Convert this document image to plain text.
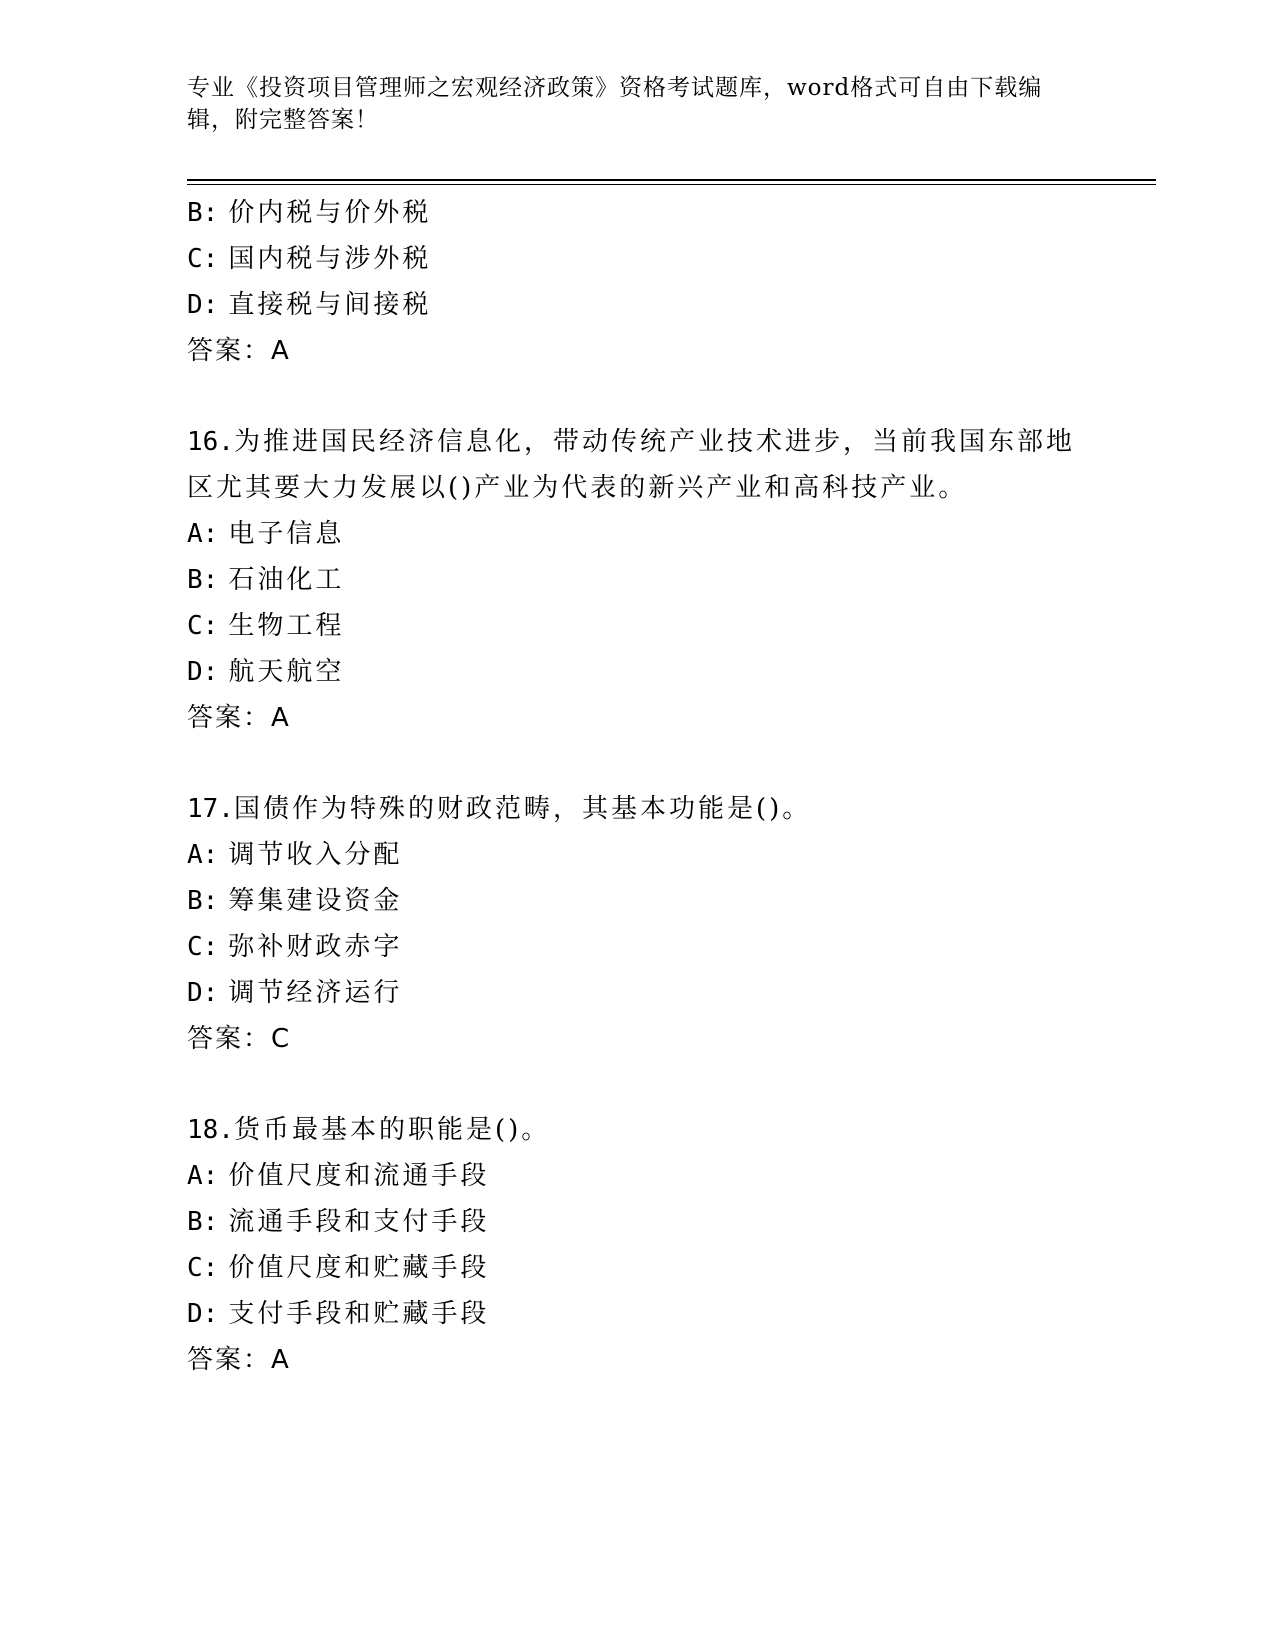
专业《投资项目管理师之宏观经济政策》资格考试题库，word格式可自由下载编
辑，附完整答案！
B: 价内税与价外税
C: 国内税与涉外税
D: 直接税与间接税
答案：A
16.为推进国民经济信息化，带动传统产业技术进步，当前我国东部地
区尤其要大力发展以()产业为代表的新兴产业和高科技产业。
A: 电子信息
B: 石油化工
C: 生物工程
D: 航天航空
答案：A
17.国债作为特殊的财政范畴，其基本功能是()。
A: 调节收入分配
B: 筹集建设资金
C: 弥补财政赤字
D: 调节经济运行
答案：C
18.货币最基本的职能是()。
A: 价值尺度和流通手段
B: 流通手段和支付手段
C: 价值尺度和贮藏手段
D: 支付手段和贮藏手段
答案：A
